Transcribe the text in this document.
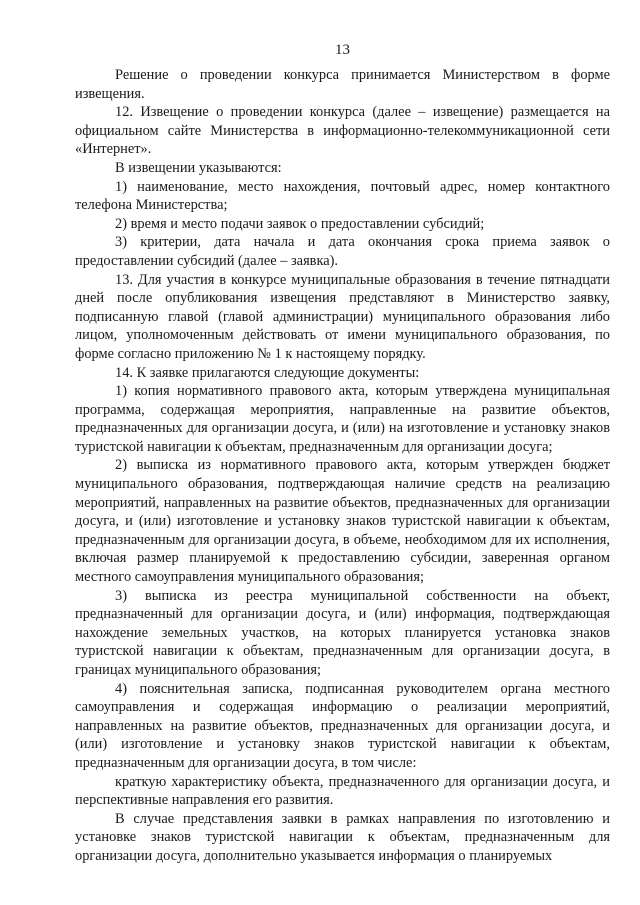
13

Решение о проведении конкурса принимается Министерством в форме извещения.

12. Извещение о проведении конкурса (далее – извещение) размещается на официальном сайте Министерства в информационно-телекоммуникационной сети «Интернет».

В извещении указываются:

1) наименование, место нахождения, почтовый адрес, номер контактного телефона Министерства;

2) время и место подачи заявок о предоставлении субсидий;

3) критерии, дата начала и дата окончания срока приема заявок о предоставлении субсидий (далее – заявка).

13. Для участия в конкурсе муниципальные образования в течение пятнадцати дней после опубликования извещения представляют в Министерство заявку, подписанную главой (главой администрации) муниципального образования либо лицом, уполномоченным действовать от имени муниципального образования, по форме согласно приложению № 1 к настоящему порядку.

14. К заявке прилагаются следующие документы:

1) копия нормативного правового акта, которым утверждена муниципальная программа, содержащая мероприятия, направленные на развитие объектов, предназначенных для организации досуга, и (или) на изготовление и установку знаков туристской навигации к объектам, предназначенным для организации досуга;

2) выписка из нормативного правового акта, которым утвержден бюджет муниципального образования, подтверждающая наличие средств на реализацию мероприятий, направленных на развитие объектов, предназначенных для организации досуга, и (или) изготовление и установку знаков туристской навигации к объектам, предназначенным для организации досуга, в объеме, необходимом для их исполнения, включая размер планируемой к предоставлению субсидии, заверенная органом местного самоуправления муниципального образования;

3) выписка из реестра муниципальной собственности на объект, предназначенный для организации досуга, и (или) информация, подтверждающая нахождение земельных участков, на которых планируется установка знаков туристской навигации к объектам, предназначенным для организации досуга, в границах муниципального образования;

4) пояснительная записка, подписанная руководителем органа местного самоуправления и содержащая информацию о реализации мероприятий, направленных на развитие объектов, предназначенных для организации досуга, и (или) изготовление и установку знаков туристской навигации к объектам, предназначенным для организации досуга, в том числе:

краткую характеристику объекта, предназначенного для организации досуга, и перспективные направления его развития.

В случае представления заявки в рамках направления по изготовлению и установке знаков туристской навигации к объектам, предназначенным для организации досуга, дополнительно указывается информация о планируемых
